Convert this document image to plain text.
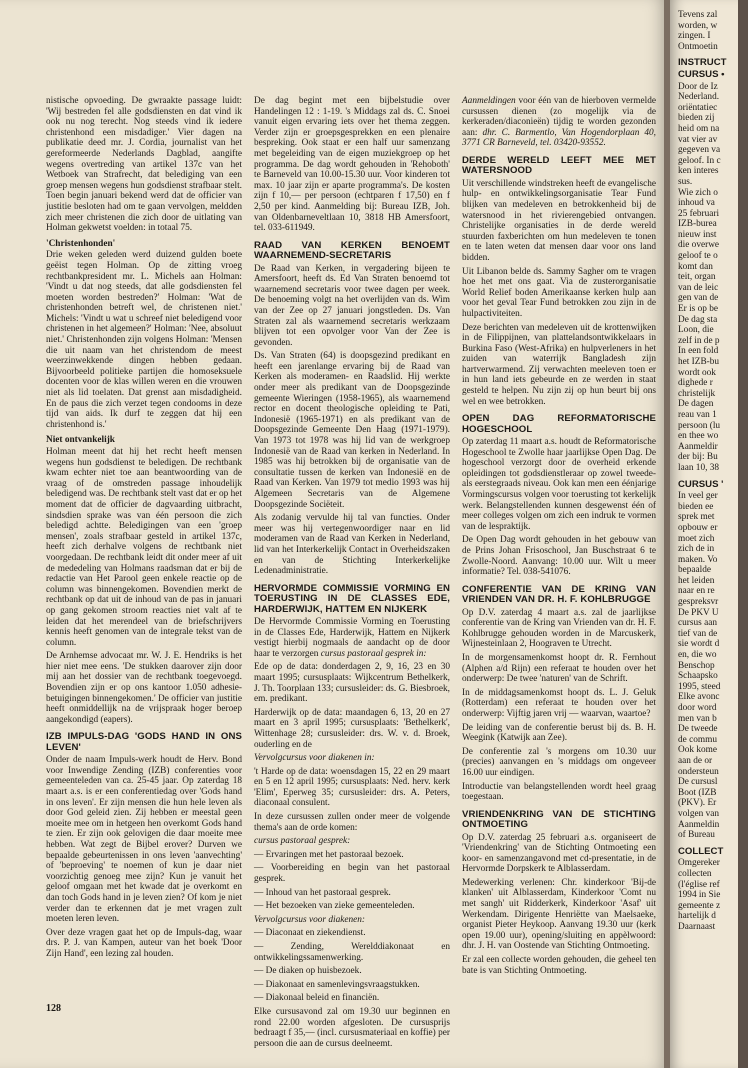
nistische opvoeding. De gwraakte passage luidt: 'Wij bestreden fel alle godsdiensten en dat vind ik ook nu nog terecht. Nog steeds vind ik iedere christenhond een misdadiger.' Vier dagen na publikatie deed mr. J. Cordia, journalist van het gereformeerde Nederlands Dagblad, aangifte wegens overtreding van artikel 137c van het Wetboek van Strafrecht, dat belediging van een groep mensen wegens hun godsdienst strafbaar stelt. Toen begin januari bekend werd dat de officier van justitie besloten had om te gaan vervolgen, meldden zich meer christenen die zich door de uitlating van Holman gekwetst voelden: in totaal 75.

'Christenhonden'

Drie weken geleden werd duizend gulden boete geëist tegen Holman. Op de zitting vroeg rechtbankpresident mr. L. Michels aan Holman: 'Vindt u dat nog steeds, dat alle godsdiensten fel moeten worden bestreden?' Holman: 'Wat de christenhonden betreft wel, de christenen niet.' Michels: 'Vindt u wat u schreef niet beledigend voor christenen in het algemeen?' Holman: 'Nee, absoluut niet.' Christenhonden zijn volgens Holman: 'Mensen die uit naam van het christendom de meest weerzinwekkende dingen hebben gedaan. Bijvoorbeeld politieke partijen die homoseksuele docenten voor de klas willen weren en die vrouwen niet als lid toelaten. Dat grenst aan misdadigheid. En de paus die zich verzet tegen condooms in deze tijd van aids. Ik durf te zeggen dat hij een christenhond is.'

Niet ontvankelijk

Holman meent dat hij het recht heeft mensen wegens hun godsdienst te beledigen. De rechtbank kwam echter niet toe aan beantwoording van de vraag of de omstreden passage inhoudelijk beledigend was. De rechtbank stelt vast dat er op het moment dat de officier de dagvaarding uitbracht, sindsdien sprake was van één persoon die zich beledigd achtte. Beledigingen van een 'groep mensen', zoals strafbaar gesteld in artikel 137c, heeft zich derhalve volgens de rechtbank niet voorgedaan. De rechtbank leidt dit onder meer af uit de mededeling van Holmans raadsman dat er bij de redactie van Het Parool geen enkele reactie op de column was binnengekomen. Bovendien merkt de rechtbank op dat uit de inhoud van de pas in januari op gang gekomen stroom reacties niet valt af te leiden dat het merendeel van de briefschrijvers kennis heeft genomen van de integrale tekst van de column.

De Arnhemse advocaat mr. W. J. E. Hendriks is het hier niet mee eens. 'De stukken daarover zijn door mij aan het dossier van de rechtbank toegevoegd. Bovendien zijn er op ons kantoor 1.050 adhesie-betuigingen binnengekomen.' De officier van justitie heeft onmiddellijk na de vrijspraak hoger beroep aangekondigd (eapers).

IZB IMPULS-DAG 'GODS HAND IN ONS LEVEN'

Onder de naam Impuls-werk houdt de Herv. Bond voor Inwendige Zending (IZB) conferenties voor gemeenteleden van ca. 25-45 jaar. Op zaterdag 18 maart a.s. is er een conferentiedag over 'Gods hand in ons leven'. Er zijn mensen die hun hele leven als door God geleid zien. Zij hebben er meestal geen moeite mee om in hetgeen hen overkomt Gods hand te zien. Er zijn ook gelovigen die daar moeite mee hebben. Wat zegt de Bijbel erover? Durven we bepaalde gebeurtenissen in ons leven 'aanvechting' of 'beproeving' te noemen of kun je daar niet voorzichtig genoeg mee zijn? Kun je vanuit het geloof omgaan met het kwade dat je overkomt en dan toch Gods hand in je leven zien? Of kom je niet verder dan te erkennen dat je met vragen zult moeten leren leven.

Over deze vragen gaat het op de Impuls-dag, waar drs. P. J. van Kampen, auteur van het boek 'Door Zijn Hand', een lezing zal houden.

De dag begint met een bijbelstudie over Handelingen 12 : 1-19. 's Middags zal ds. C. Snoei vanuit eigen ervaring iets over het thema zeggen. Verder zijn er groepsgesprekken en een plenaire bespreking. Ook staat er een half uur samenzang met begeleiding van de eigen muziekgroep op het programma. De dag wordt gehouden in 'Rehoboth' te Barneveld van 10.00-15.30 uur. Voor kinderen tot max. 10 jaar zijn er aparte programma's. De kosten zijn f 10,— per persoon (echtparen f 17,50) en f 2,50 per kind. Aanmelding bij: Bureau IZB, Joh. van Oldenbarneveltlaan 10, 3818 HB Amersfoort, tel. 033-611949.

RAAD VAN KERKEN BENOEMT WAARNEMEND-SECRETARIS

De Raad van Kerken, in vergadering bijeen te Amersfoort, heeft ds. Ed Van Straten benoemd tot waarnemend secretaris voor twee dagen per week. De benoeming volgt na het overlijden van ds. Wim van der Zee op 27 januari jongstleden. Ds. Van Straten zal als waarnemend secretaris werkzaam blijven tot een opvolger voor Van der Zee is gevonden.

Ds. Van Straten (64) is doopsgezind predikant en heeft een jarenlange ervaring bij de Raad van Kerken als moderamen- en Raadslid. Hij werkte onder meer als predikant van de Doopsgezinde gemeente Wieringen (1958-1965), als waarnemend rector en docent theologische opleiding te Pati, Indonesië (1965-1971) en als predikant van de Doopsgezinde Gemeente Den Haag (1971-1979). Van 1973 tot 1978 was hij lid van de werkgroep Indonesië van de Raad van kerken in Nederland. In 1985 was hij betrokken bij de organisatie van de consultatie tussen de kerken van Indonesië en de Raad van Kerken. Van 1979 tot medio 1993 was hij Algemeen Secretaris van de Algemene Doopsgezinde Sociëteit.

Als zodanig vervulde hij tal van functies. Onder meer was hij vertegenwoordiger naar en lid moderamen van de Raad van Kerken in Nederland, lid van het Interkerkelijk Contact in Overheidszaken en van de Stichting Interkerkelijke Ledenadministratie.

HERVORMDE COMMISSIE VORMING EN TOERUSTING IN DE CLASSES EDE, HARDERWIJK, HATTEM EN NIJKERK

De Hervormde Commissie Vorming en Toerusting in de Classes Ede, Harderwijk, Hattem en Nijkerk vestigt hierbij nogmaals de aandacht op de door haar te verzorgen cursus pastoraal gesprek in:

Ede op de data: donderdagen 2, 9, 16, 23 en 30 maart 1995; cursusplaats: Wijkcentrum Bethelkerk, J. Th. Toorplaan 133; cursusleider: ds. G. Biesbroek, em. predikant.

Harderwijk op de data: maandagen 6, 13, 20 en 27 maart en 3 april 1995; cursusplaats: 'Bethelkerk', Wittenhage 28; cursusleider: drs. W. v. d. Broek, ouderling en de

Vervolgcursus voor diakenen in:

't Harde op de data: woensdagen 15, 22 en 29 maart en 5 en 12 april 1995; cursusplaats: Ned. herv. kerk 'Elim', Eperweg 35; cursusleider: drs. A. Peters, diaconaal consulent.

In deze cursussen zullen onder meer de volgende thema's aan de orde komen:

cursus pastoraal gesprek:

— Ervaringen met het pastoraal bezoek.

— Voorbereiding en begin van het pastoraal gesprek.

— Inhoud van het pastoraal gesprek.

— Het bezoeken van zieke gemeenteleden.

Vervolgcursus voor diakenen:

— Diaconaat en ziekendienst.

— Zending, Werelddiakonaat en ontwikkelingssamenwerking.

— De diaken op huisbezoek.

— Diakonaat en samenlevingsvraagstukken.

— Diakonaal beleid en financiën.

Elke cursusavond zal om 19.30 uur beginnen en rond 22.00 worden afgesloten. De cursusprijs bedraagt f 35,— (incl. cursusmateriaal en koffie) per persoon die aan de cursus deelneemt.

Aanmeldingen voor één van de hierboven vermelde cursussen dienen (zo mogelijk via de kerkeraden/diaconieën) tijdig te worden gezonden aan: dhr. C. Barmentlo, Van Hogendorplaan 40, 3771 CR Barneveld, tel. 03420-93552.

DERDE WERELD LEEFT MEE MET WATERSNOOD

Uit verschillende windstreken heeft de evangelische hulp- en ontwikkelingsorganisatie Tear Fund blijken van medeleven en betrokkenheid bij de watersnood in het rivierengebied ontvangen. Christelijke organisaties in de derde wereld stuurden faxberichten om hun medeleven te tonen en te laten weten dat mensen daar voor ons land bidden.

Uit Libanon belde ds. Sammy Sagher om te vragen hoe het met ons gaat. Via de zusterorganisatie World Relief boden Amerikaanse kerken hulp aan voor het geval Tear Fund betrokken zou zijn in de hulpactiviteiten.

Deze berichten van medeleven uit de krottenwijken in de Filippijnen, van plattelandsontwikkelaars in Burkina Faso (West-Afrika) en hulpverleners in het zuiden van waterrijk Bangladesh zijn hartverwarmend. Zij verwachten meeleven toen er in hun land iets gebeurde en ze werden in staat gesteld te helpen. Nu zijn zij op hun beurt bij ons wel en wee betrokken.

OPEN DAG REFORMATORISCHE HOGESCHOOL

Op zaterdag 11 maart a.s. houdt de Reformatorische Hogeschool te Zwolle haar jaarlijkse Open Dag. De hogeschool verzorgt door de overheid erkende opleidingen tot godsdienstleraar op zowel tweede- als eerstegraads niveau. Ook kan men een éénjarige Vormingscursus volgen voor toerusting tot kerkelijk werk. Belangstellenden kunnen desgewenst één of meer colleges volgen om zich een indruk te vormen van de lespraktijk.

De Open Dag wordt gehouden in het gebouw van de Prins Johan Frisoschool, Jan Buschstraat 6 te Zwolle-Noord. Aanvang: 10.00 uur. Wilt u meer informatie? Tel. 038-541076.

CONFERENTIE VAN DE KRING VAN VRIENDEN VAN DR. H. F. KOHLBRUGGE

Op D.V. zaterdag 4 maart a.s. zal de jaarlijkse conferentie van de Kring van Vrienden van dr. H. F. Kohlbrugge gehouden worden in de Marcuskerk, Wijnesteinlaan 2, Hoograven te Utrecht.

In de morgensamenkomst hoopt dr. R. Fernhout (Alphen a/d Rijn) een referaat te houden over het onderwerp: De twee 'naturen' van de Schrift.

In de middagsamenkomst hoopt ds. L. J. Geluk (Rotterdam) een referaat te houden over het onderwerp: Vijftig jaren vrij — waarvan, waartoe?

De leiding van de conferentie berust bij ds. B. H. Weegink (Katwijk aan Zee).

De conferentie zal 's morgens om 10.30 uur (precies) aanvangen en 's middags om ongeveer 16.00 uur eindigen.

Introductie van belangstellenden wordt heel graag toegestaan.

VRIENDENKRING VAN DE STICHTING ONTMOETING

Op D.V. zaterdag 25 februari a.s. organiseert de 'Vriendenkring' van de Stichting Ontmoeting een koor- en samenzangavond met cd-presentatie, in de Hervormde Dorpskerk te Alblasserdam.

Medewerking verlenen: Chr. kinderkoor 'Bij-de klanken' uit Alblasserdam, Kinderkoor 'Comt nu met sangh' uit Ridderkerk, Kinderkoor 'Asaf' uit Werkendam. Dirigente Henriëtte van Maelsaeke, organist Pieter Heykoop. Aanvang 19.30 uur (kerk open 19.00 uur), opening/sluiting en appèlwoord: dhr. J. H. van Oostende van Stichting Ontmoeting.

Er zal een collecte worden gehouden, die geheel ten bate is van Stichting Ontmoeting.

128

Tevens zal

worden, w

zingen. I

Ontmoetin

INSTRUCT
CURSUS •

Door de Iz

Nederland.

oriëntatiec

bieden zij

heid om na

vat vier av

gegeven va

geloof. In c

ken interes

sus.

Wie zich o

inhoud va

25 februari

IZB-burea

nieuw inst

die overwe

geloof te o

komt dan

teit, organ

van de leic

gen van de

Er is op be

De dag sta

Loon, die

zelf in de p

In een fold

het IZB-bu

wordt ook

dighede r

christelijk

De dagen

reau van 1

persoon (lu

en thee wo

Aanmeldir

der bij: Bu

laan 10, 38

CURSUS '

In veel ger

bieden ee

sprek met

opbouw er

moet zich

zich de in

maken. Vo

bepaalde

het leiden

naar en re

gespreksvr

De PKV U

cursus aan

tief van de

sie wordt d

en, die wo

Benschop

Schaapsko

1995, steed

Elke avonc

door word

men van b

De tweede

de commu

Ook kome

aan de or

ondersteun

De cursusl

Boot (IZB

(PKV). Er

volgen van

Aanmeldin

of Bureau

COLLECT

Omgereker

collecten

(l'église ref

1994 in Sie

gemeente z

hartelijk d

Daarnaast
